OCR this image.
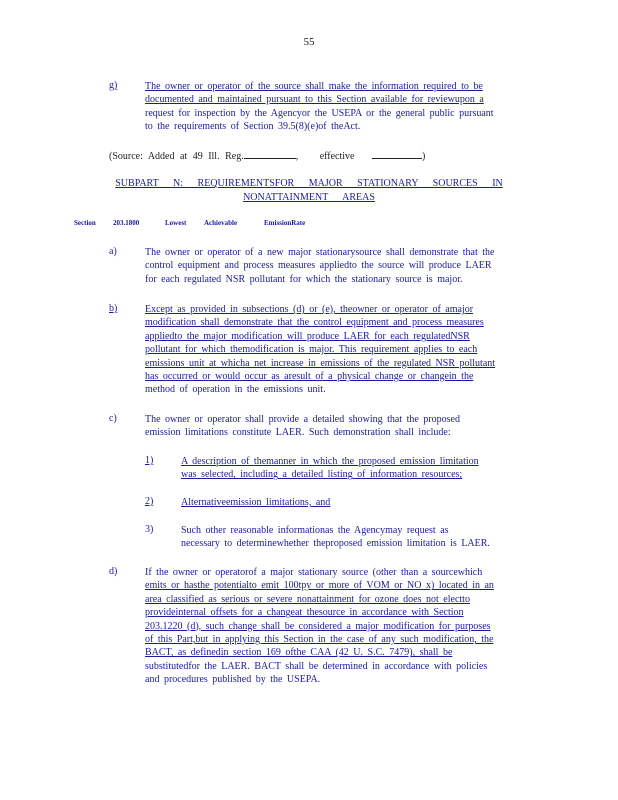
55
g)	The owner or operator of the source shall make the information required to be

documented and maintained pursuant to this Section available for reviewupon a

request for inspection by the Agencyor the USEPA or the general public pursuant

to the requirements of Section 39.5(8)(e)of theAct.

(Source: Added at 49 Ill. Reg.	, effective	)
SUBPART N: REQUIREMENTSFOR MAJOR STATIONARY SOURCES IN
NONATTAINMENT AREAS
Section 203.1800	Lowest	Achievable	EmissionRate
a)	The owner or operator of a new major stationarysource shall demonstrate that the

control equipment and process measures appliedto the source will produce LAER

for each regulated NSR pollutant for which the stationary source is major.

b)	Except as provided in subsections (d) or (e), theowner or operator of amajor

modification shall demonstrate that the control equipment and process measures

appliedto the major modification will produce LAER for each regulatedNSR

pollutant for which themodification is major. This requirement applies to each

emissions unit at whicha net increase in emissions of the regulated NSR pollutant

has occurred or would occur as aresult of a physical change or changein the

method of operation in the emissions unit.

c)	The owner or operator shall provide a detailed showing that the proposed

emission limitations constitute LAER. Such demonstration shall include:

1)	A description of themanner in which the proposed emission limitation

was selected, including a detailed listing of information resources;

2)	Alternativeemission limitations, and

3)	Such other reasonable informationas the Agencymay request as

necessary to determinewhether theproposed emission limitation is LAER.

d)	If the owner or operatorof a major stationary source (other than a sourcewhich

emits or hasthe potentialto emit 100tpy or more of VOM or NO x) located in an

area classified as serious or severe nonattainment for ozone does not electto

provideinternal offsets for a changeat thesource in accordance with Section

203.1220 (d), such change shall be considered a major modification for purposes

of this Part,but in applying this Section in the case of any such modification, the

BACT, as definedin section 169 ofthe CAA (42 U. S.C. 7479), shall be

substitutedfor the LAER. BACT shall be determined in accordance with policies

and procedures published by the USEPA.
